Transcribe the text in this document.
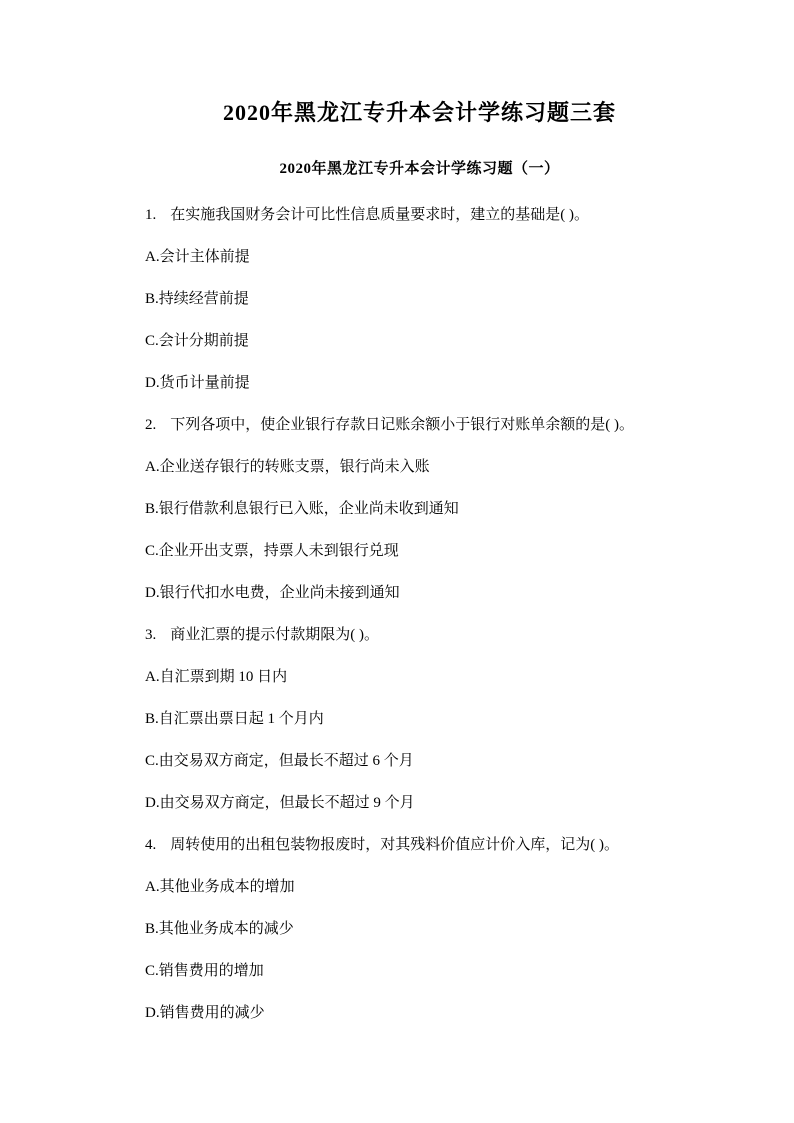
2020年黑龙江专升本会计学练习题三套
2020年黑龙江专升本会计学练习题（一）

1. 在实施我国财务会计可比性信息质量要求时，建立的基础是( )。

A.会计主体前提

B.持续经营前提

C.会计分期前提

D.货币计量前提

2. 下列各项中，使企业银行存款日记账余额小于银行对账单余额的是( )。

A.企业送存银行的转账支票，银行尚未入账

B.银行借款利息银行已入账，企业尚未收到通知

C.企业开出支票，持票人未到银行兑现

D.银行代扣水电费，企业尚未接到通知

3. 商业汇票的提示付款期限为( )。

A.自汇票到期 10 日内

B.自汇票出票日起 1 个月内

C.由交易双方商定，但最长不超过 6 个月

D.由交易双方商定，但最长不超过 9 个月

4. 周转使用的出租包装物报废时，对其残料价值应计价入库，记为( )。

A.其他业务成本的增加

B.其他业务成本的减少

C.销售费用的增加

D.销售费用的减少
